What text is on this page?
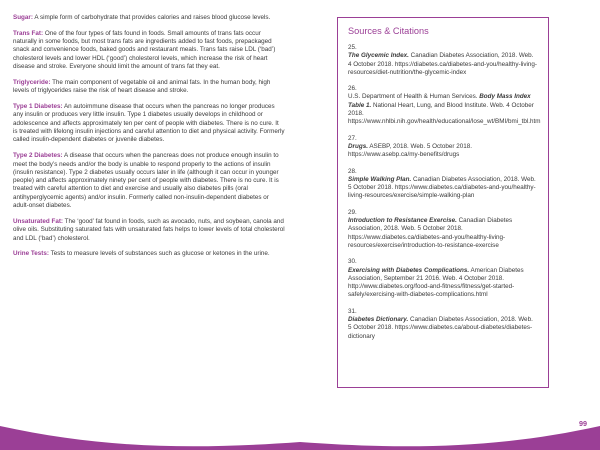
Sugar: A simple form of carbohydrate that provides calories and raises blood glucose levels.

Trans Fat: One of the four types of fats found in foods. Small amounts of trans fats occur naturally in some foods, but most trans fats are ingredients added to fast foods, prepackaged snack and convenience foods, baked goods and restaurant meals. Trans fats raise LDL (‘bad’) cholesterol levels and lower HDL (‘good’) cholesterol levels, which increase the risk of heart disease and stroke. Everyone should limit the amount of trans fat they eat.

Triglyceride: The main component of vegetable oil and animal fats. In the human body, high levels of triglycerides raise the risk of heart disease and stroke.

Type 1 Diabetes: An autoimmune disease that occurs when the pancreas no longer produces any insulin or produces very little insulin. Type 1 diabetes usually develops in childhood or adolescence and affects approximately ten per cent of people with diabetes. There is no cure. It is treated with lifelong insulin injections and careful attention to diet and physical activity. Formerly called insulin-dependent diabetes or juvenile diabetes.

Type 2 Diabetes: A disease that occurs when the pancreas does not produce enough insulin to meet the body’s needs and/or the body is unable to respond properly to the actions of insulin (insulin resistance). Type 2 diabetes usually occurs later in life (although it can occur in younger people) and affects approximately ninety per cent of people with diabetes. There is no cure. It is treated with careful attention to diet and exercise and usually also diabetes pills (oral antihyperglycemic agents) and/or insulin. Formerly called non-insulin-dependent diabetes or adult-onset diabetes.

Unsaturated Fat: The ‘good’ fat found in foods, such as avocado, nuts, and soybean, canola and olive oils. Substituting saturated fats with unsaturated fats helps to lower levels of total cholesterol and LDL (‘bad’) cholesterol.

Urine Tests: Tests to measure levels of substances such as glucose or ketones in the urine.

Sources & Citations
25.
The Glycemic Index. Canadian Diabetes Association, 2018. Web. 4 October 2018. https://diabetes.ca/diabetes-and-you/healthy-living-resources/diet-nutrition/the-glycemic-index
26.
U.S. Department of Health & Human Services. Body Mass Index Table 1. National Heart, Lung, and Blood Institute. Web. 4 October 2018. https://www.nhlbi.nih.gov/health/educational/lose_wt/BMI/bmi_tbl.htm
27.
Drugs. ASEBP, 2018. Web. 5 October 2018. https://www.asebp.ca/my-benefits/drugs
28.
Simple Walking Plan. Canadian Diabetes Association, 2018. Web. 5 October 2018. https://www.diabetes.ca/diabetes-and-you/healthy-living-resources/exercise/simple-walking-plan
29.
Introduction to Resistance Exercise. Canadian Diabetes Association, 2018. Web. 5 October 2018. https://www.diabetes.ca/diabetes-and-you/healthy-living-resources/exercise/introduction-to-resistance-exercise
30.
Exercising with Diabetes Complications. American Diabetes Association, September 21 2016. Web. 4 October 2018. http://www.diabetes.org/food-and-fitness/fitness/get-started-safely/exercising-with-diabetes-complications.html
31.
Diabetes Dictionary. Canadian Diabetes Association, 2018. Web. 5 October 2018. https://www.diabetes.ca/about-diabetes/diabetes-dictionary
98	99
